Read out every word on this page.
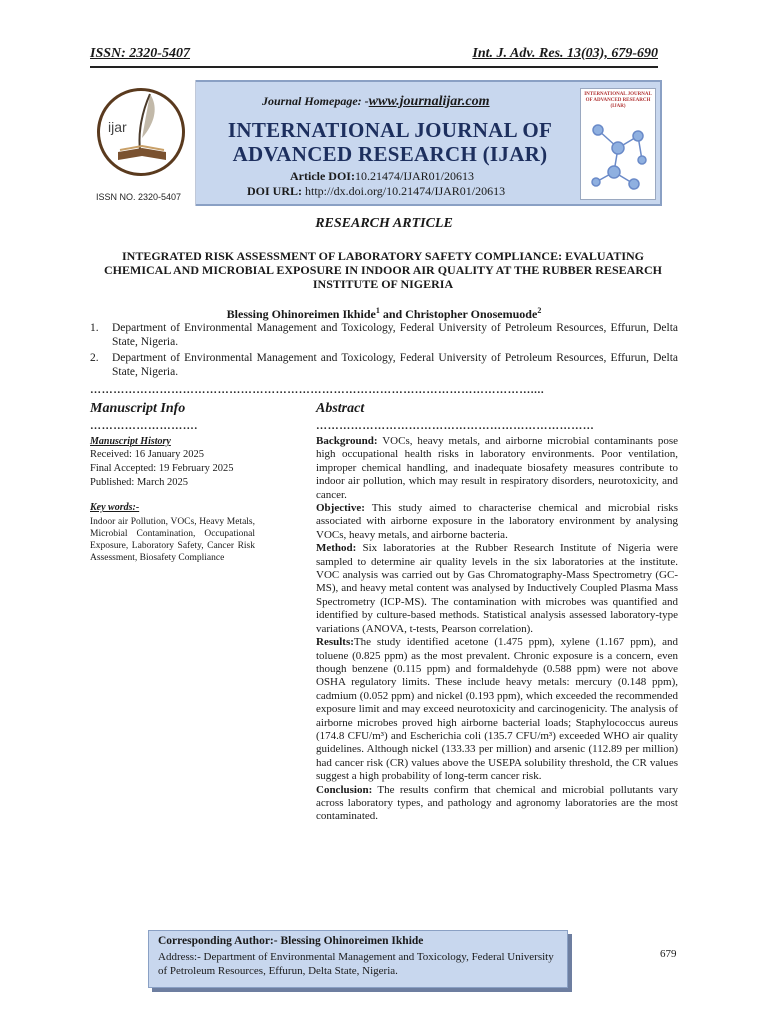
ISSN: 2320-5407	Int. J. Adv. Res. 13(03), 679-690
ijar
ISSN NO. 2320-5407
Journal Homepage: -www.journalijar.com
INTERNATIONAL JOURNAL OF
ADVANCED RESEARCH (IJAR)
Article DOI:10.21474/IJAR01/20613
DOI URL: http://dx.doi.org/10.21474/IJAR01/20613
INTERNATIONAL JOURNAL OF ADVANCED RESEARCH (IJAR)
RESEARCH ARTICLE
INTEGRATED RISK ASSESSMENT OF LABORATORY SAFETY COMPLIANCE: EVALUATING CHEMICAL AND MICROBIAL EXPOSURE IN INDOOR AIR QUALITY AT THE RUBBER RESEARCH INSTITUTE OF NIGERIA
Blessing Ohinoreimen Ikhide$^1$ and Christopher Onosemuode$^2$
1. Department of Environmental Management and Toxicology, Federal University of Petroleum Resources, Effurun, Delta State, Nigeria.
2. Department of Environmental Management and Toxicology, Federal University of Petroleum Resources, Effurun, Delta State, Nigeria.
……………………………………………………………………………………………………....
Manuscript Info
……………………….
Manuscript History
Received: 16 January 2025
Final Accepted: 19 February 2025
Published: March 2025
Key words:-
Indoor air Pollution, VOCs, Heavy Metals, Microbial Contamination, Occupational Exposure, Laboratory Safety, Cancer Risk Assessment, Biosafety Compliance
Abstract
………………………………………………………………

Background: VOCs, heavy metals, and airborne microbial contaminants pose high occupational health risks in laboratory environments. Poor ventilation, improper chemical handling, and inadequate biosafety measures contribute to indoor air pollution, which may result in respiratory disorders, neurotoxicity, and cancer.

Objective: This study aimed to characterise chemical and microbial risks associated with airborne exposure in the laboratory environment by analysing VOCs, heavy metals, and airborne bacteria.

Method: Six laboratories at the Rubber Research Institute of Nigeria were sampled to determine air quality levels in the six laboratories at the institute. VOC analysis was carried out by Gas Chromatography-Mass Spectrometry (GC-MS), and heavy metal content was analysed by Inductively Coupled Plasma Mass Spectrometry (ICP-MS). The contamination with microbes was quantified and identified by culture-based methods. Statistical analysis assessed laboratory-type variations (ANOVA, t-tests, Pearson correlation).

Results:The study identified acetone (1.475 ppm), xylene (1.167 ppm), and toluene (0.825 ppm) as the most prevalent. Chronic exposure is a concern, even though benzene (0.115 ppm) and formaldehyde (0.588 ppm) were not above OSHA regulatory limits. These include heavy metals: mercury (0.148 ppm), cadmium (0.052 ppm) and nickel (0.193 ppm), which exceeded the recommended exposure limit and may exceed neurotoxicity and carcinogenicity. The analysis of airborne microbes proved high airborne bacterial loads; Staphylococcus aureus (174.8 CFU/m³) and Escherichia coli (135.7 CFU/m³) exceeded WHO air quality guidelines. Although nickel (133.33 per million) and arsenic (112.89 per million) had cancer risk (CR) values above the USEPA solubility threshold, the CR values suggest a high probability of long-term cancer risk.

Conclusion: The results confirm that chemical and microbial pollutants vary across laboratory types, and pathology and agronomy laboratories are the most contaminated.

Corresponding Author:- Blessing Ohinoreimen Ikhide
Address:- Department of Environmental Management and Toxicology, Federal University of Petroleum Resources, Effurun, Delta State, Nigeria.
679
